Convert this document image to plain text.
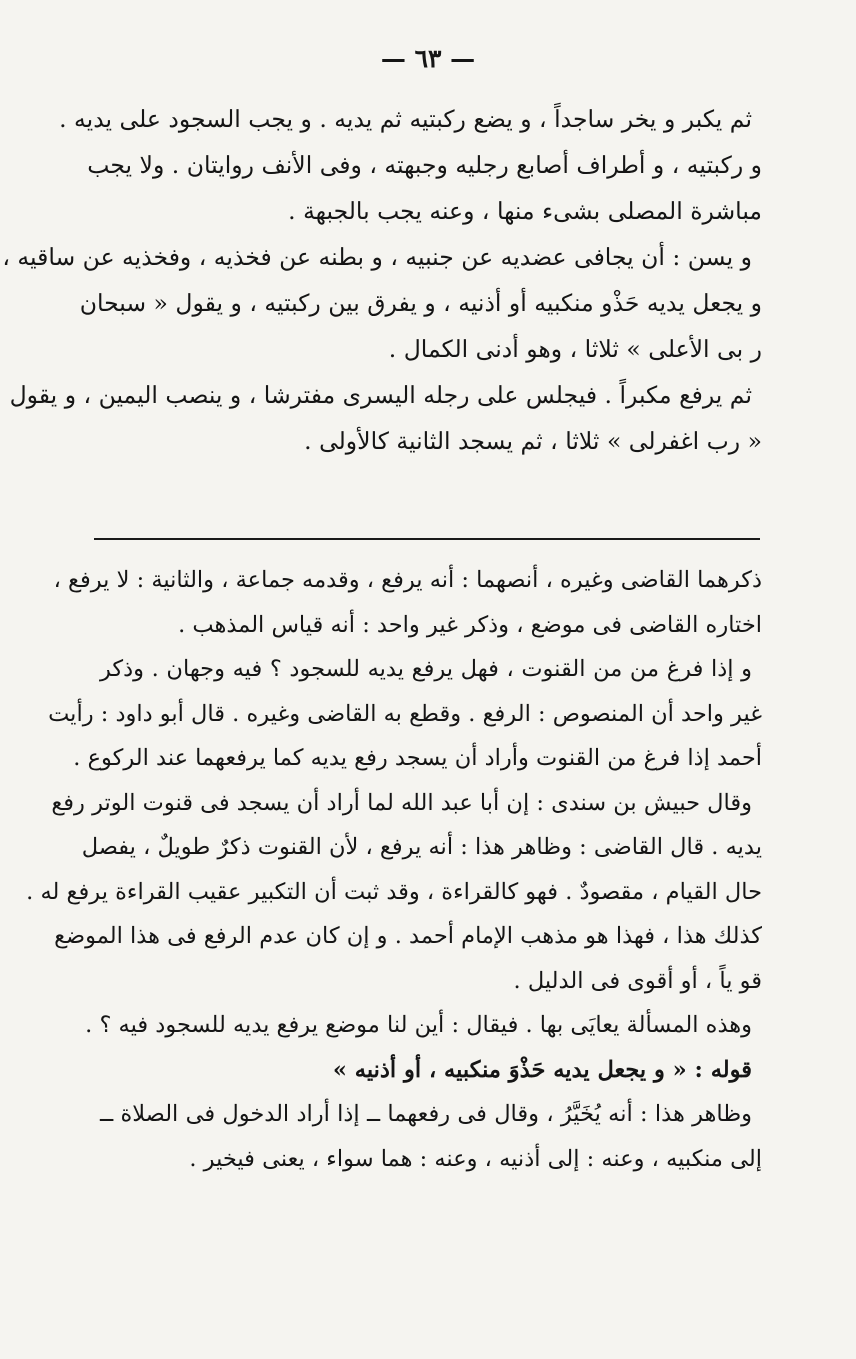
— ٦٣ —
ثم يكبر و يخر ساجداً ، و يضع ركبتيه ثم يديه . و يجب السجود على يديه .
و ركبتيه ، و أطراف أصابع رجليه وجبهته ، وفى الأنف روايتان . ولا يجب
مباشرة المصلى بشىء منها ، وعنه يجب بالجبهة .
و يسن : أن يجافى عضديه عن جنبيه ، و بطنه عن فخذيه ، وفخذيه عن ساقيه ،
و يجعل يديه حَذْو منكبيه أو أذنيه ، و يفرق بين ركبتيه ، و يقول « سبحان
ر بى الأعلى » ثلاثا ، وهو أدنى الكمال .
ثم يرفع مكبراً . فيجلس على رجله اليسرى مفترشا ، و ينصب اليمين ، و يقول
« رب اغفرلى » ثلاثا ، ثم يسجد الثانية كالأولى .
ذكرهما القاضى وغيره ، أنصهما : أنه يرفع ، وقدمه جماعة ، والثانية : لا يرفع ،
اختاره القاضى فى موضع ، وذكر غير واحد : أنه قياس المذهب .
و إذا فرغ من من القنوت ، فهل يرفع يديه للسجود ؟ فيه وجهان . وذكر
غير واحد أن المنصوص : الرفع . وقطع به القاضى وغيره . قال أبو داود : رأيت
أحمد إذا فرغ من القنوت وأراد أن يسجد رفع يديه كما يرفعهما عند الركوع .
وقال حبيش بن سندى : إن أبا عبد الله لما أراد أن يسجد فى قنوت الوتر رفع
يديه . قال القاضى : وظاهر هذا : أنه يرفع ، لأن القنوت ذكرٌ طويلٌ ، يفصل
حال القيام ، مقصودٌ . فهو كالقراءة ، وقد ثبت أن التكبير عقيب القراءة يرفع له .
كذلك هذا ، فهذا هو مذهب الإمام أحمد . و إن كان عدم الرفع فى هذا الموضع
قو ياً ، أو أقوى فى الدليل .
وهذه المسألة يعايَى بها . فيقال : أين لنا موضع يرفع يديه للسجود فيه ؟ .
قوله : « و يجعل يديه حَذْوَ منكبيه ، أو أذنيه »
وظاهر هذا : أنه يُخَيَّرُ ، وقال فى رفعهما ــ إذا أراد الدخول فى الصلاة ــ
إلى منكبيه ، وعنه : إلى أذنيه ، وعنه : هما سواء ، يعنى فيخير .
